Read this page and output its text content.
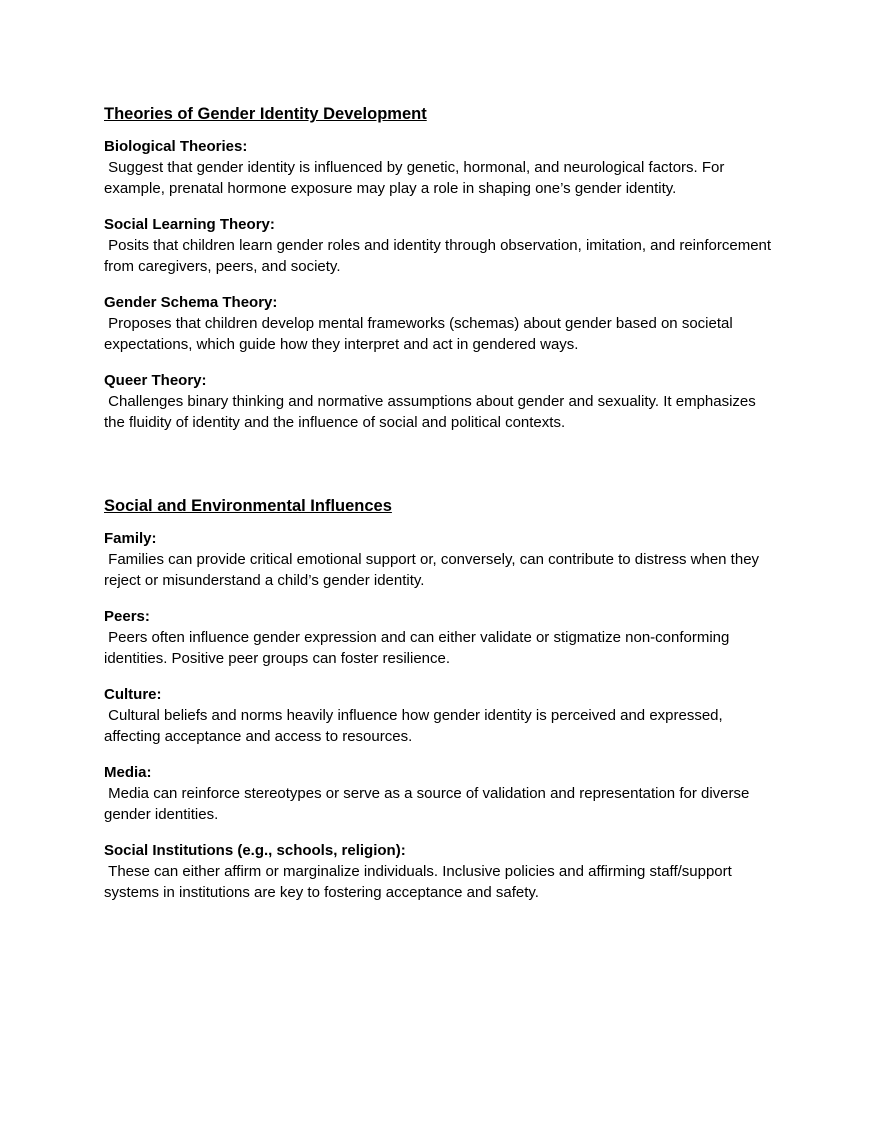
Theories of Gender Identity Development

Biological Theories:

Suggest that gender identity is influenced by genetic, hormonal, and neurological factors. For example, prenatal hormone exposure may play a role in shaping one’s gender identity.

Social Learning Theory:

Posits that children learn gender roles and identity through observation, imitation, and reinforcement from caregivers, peers, and society.

Gender Schema Theory:

Proposes that children develop mental frameworks (schemas) about gender based on societal expectations, which guide how they interpret and act in gendered ways.

Queer Theory:

Challenges binary thinking and normative assumptions about gender and sexuality. It emphasizes the fluidity of identity and the influence of social and political contexts.

Social and Environmental Influences

Family:

Families can provide critical emotional support or, conversely, can contribute to distress when they reject or misunderstand a child’s gender identity.

Peers:

Peers often influence gender expression and can either validate or stigmatize non-conforming identities. Positive peer groups can foster resilience.

Culture:

Cultural beliefs and norms heavily influence how gender identity is perceived and expressed, affecting acceptance and access to resources.

Media:

Media can reinforce stereotypes or serve as a source of validation and representation for diverse gender identities.

Social Institutions (e.g., schools, religion):

These can either affirm or marginalize individuals. Inclusive policies and affirming staff/support systems in institutions are key to fostering acceptance and safety.
